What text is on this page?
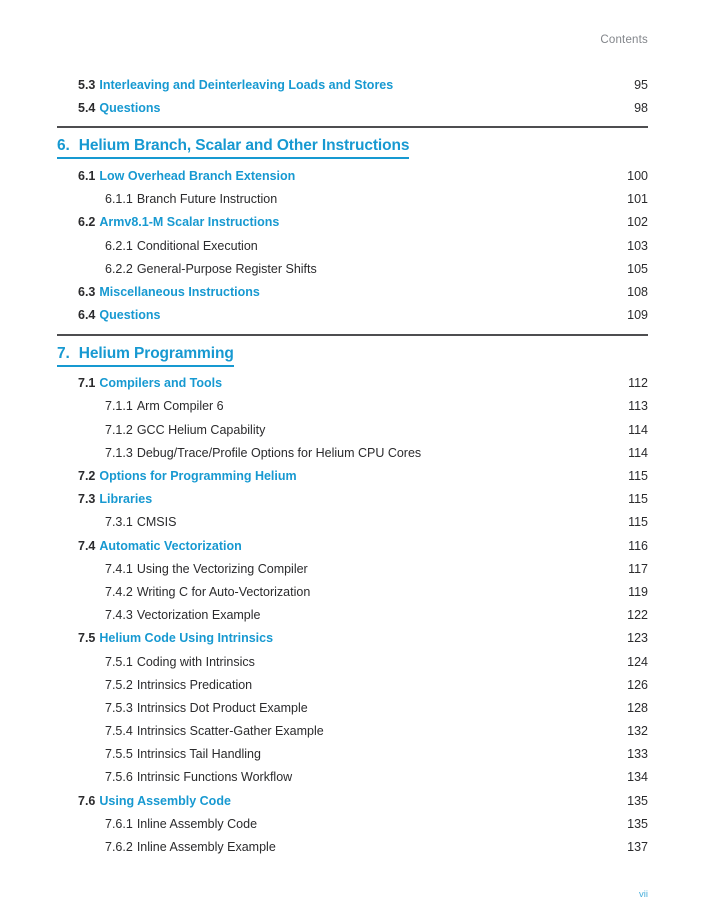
Contents
5.3 Interleaving and Deinterleaving Loads and Stores	95
5.4 Questions	98
6. Helium Branch, Scalar and Other Instructions
6.1 Low Overhead Branch Extension	100
6.1.1 Branch Future Instruction	101
6.2 Armv8.1-M Scalar Instructions	102
6.2.1 Conditional Execution	103
6.2.2 General-Purpose Register Shifts	105
6.3 Miscellaneous Instructions	108
6.4 Questions	109
7. Helium Programming
7.1 Compilers and Tools	112
7.1.1 Arm Compiler 6	113
7.1.2 GCC Helium Capability	114
7.1.3 Debug/Trace/Profile Options for Helium CPU Cores	114
7.2 Options for Programming Helium	115
7.3 Libraries	115
7.3.1 CMSIS	115
7.4 Automatic Vectorization	116
7.4.1 Using the Vectorizing Compiler	117
7.4.2 Writing C for Auto-Vectorization	119
7.4.3 Vectorization Example	122
7.5 Helium Code Using Intrinsics	123
7.5.1 Coding with Intrinsics	124
7.5.2 Intrinsics Predication	126
7.5.3 Intrinsics Dot Product Example	128
7.5.4 Intrinsics Scatter-Gather Example	132
7.5.5 Intrinsics Tail Handling	133
7.5.6 Intrinsic Functions Workflow	134
7.6 Using Assembly Code	135
7.6.1 Inline Assembly Code	135
7.6.2 Inline Assembly Example	137
vii
